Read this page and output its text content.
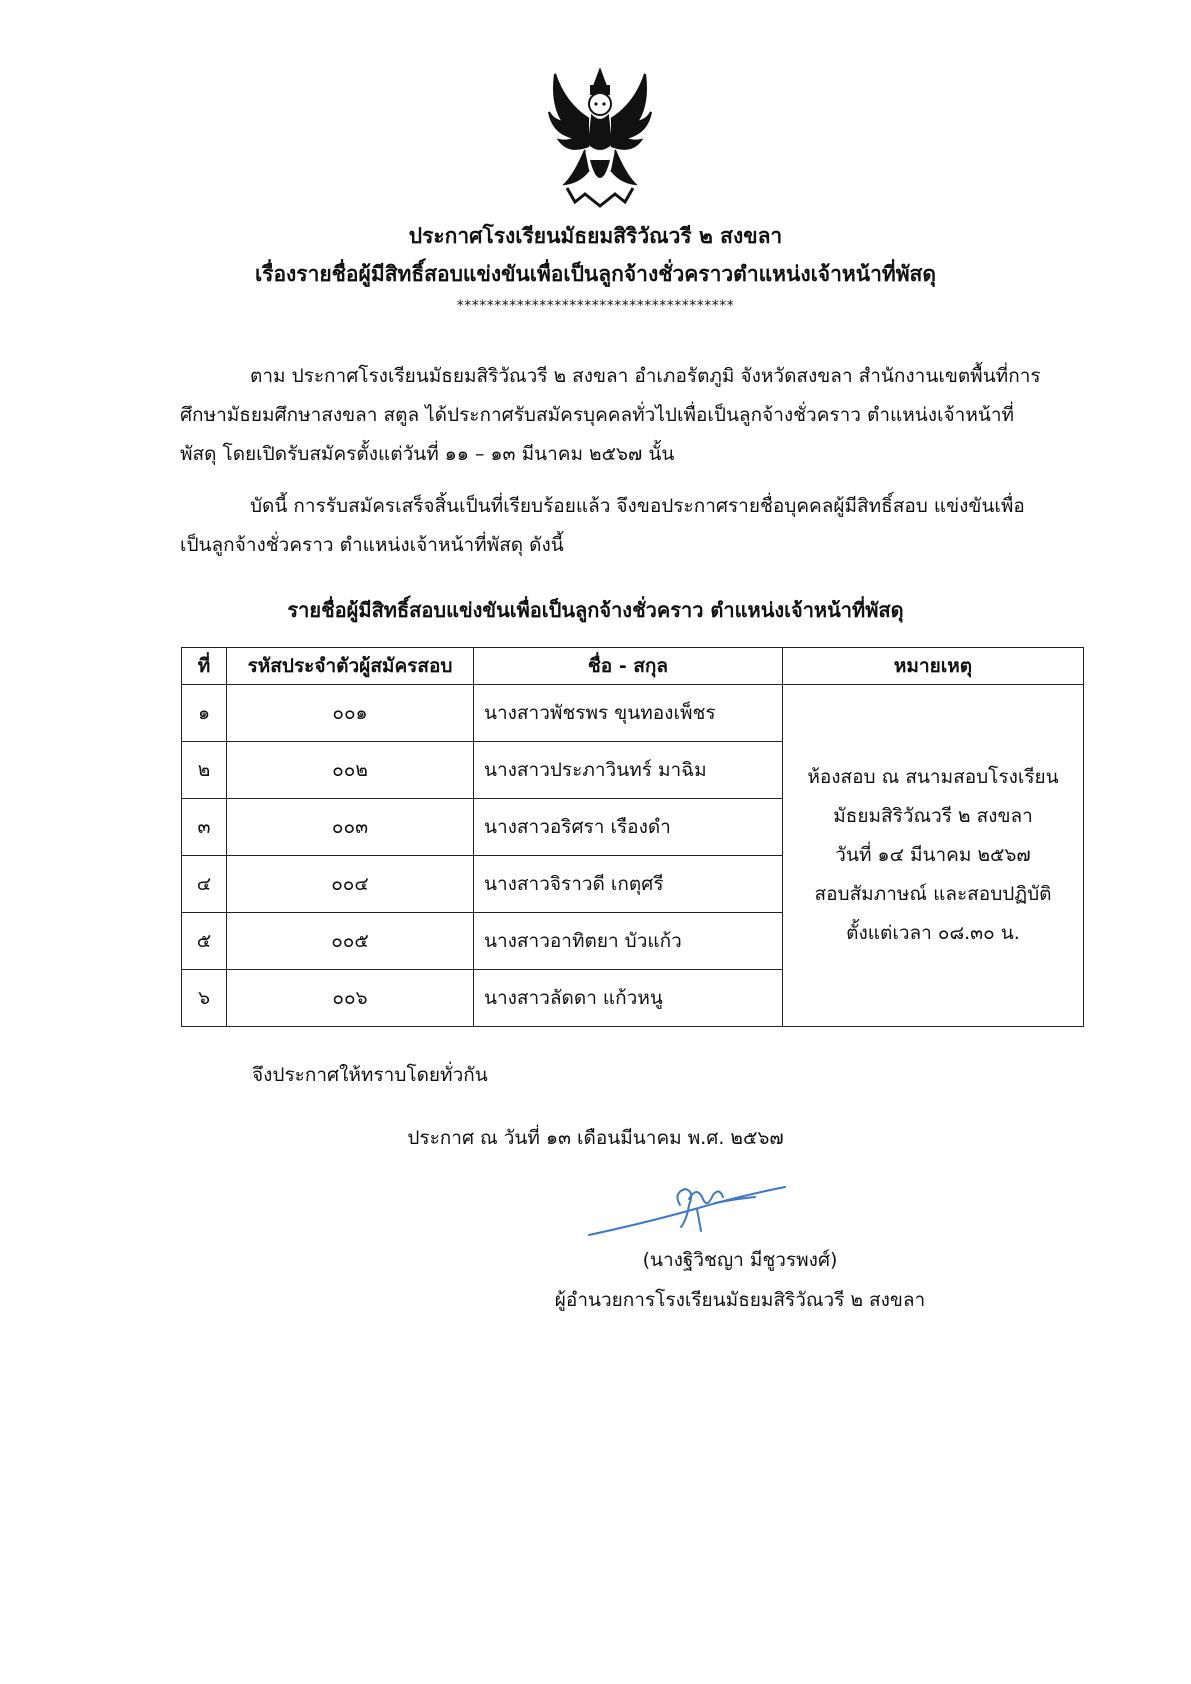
ประกาศโรงเรียนมัธยมสิริวัณวรี ๒ สงขลา
เรื่องรายชื่อผู้มีสิทธิ์สอบแข่งขันเพื่อเป็นลูกจ้างชั่วคราวตำแหน่งเจ้าหน้าที่พัสดุ
*************************************
ตาม ประกาศโรงเรียนมัธยมสิริวัณวรี ๒ สงขลา อำเภอรัตภูมิ จังหวัดสงขลา สำนักงานเขตพื้นที่การศึกษามัธยมศึกษาสงขลา สตูล ได้ประกาศรับสมัครบุคคลทั่วไปเพื่อเป็นลูกจ้างชั่วคราว ตำแหน่งเจ้าหน้าที่พัสดุ โดยเปิดรับสมัครตั้งแต่วันที่ ๑๑ – ๑๓ มีนาคม ๒๕๖๗ นั้น
บัดนี้ การรับสมัครเสร็จสิ้นเป็นที่เรียบร้อยแล้ว จึงขอประกาศรายชื่อบุคคลผู้มีสิทธิ์สอบ แข่งขันเพื่อเป็นลูกจ้างชั่วคราว ตำแหน่งเจ้าหน้าที่พัสดุ ดังนี้
รายชื่อผู้มีสิทธิ์สอบแข่งขันเพื่อเป็นลูกจ้างชั่วคราว ตำแหน่งเจ้าหน้าที่พัสดุ
ที่	รหัสประจำตัวผู้สมัครสอบ	ชื่อ - สกุล	หมายเหตุ
๑	๐๐๑	นางสาวพัชรพร ขุนทองเพ็ชร	ห้องสอบ ณ สนามสอบโรงเรียน
มัธยมสิริวัณวรี ๒ สงขลา
วันที่ ๑๔ มีนาคม ๒๕๖๗
สอบสัมภาษณ์ และสอบปฏิบัติ
ตั้งแต่เวลา ๐๘.๓๐ น.

๒	๐๐๒	นางสาวประภาวินทร์ มาฉิม	
๓	๐๐๓	นางสาวอริศรา เรืองดำ	
๔	๐๐๔	นางสาวจิราวดี เกตุศรี	
๕	๐๐๕	นางสาวอาทิตยา บัวแก้ว	
๖	๐๐๖	นางสาวลัดดา แก้วหนู	
จึงประกาศให้ทราบโดยทั่วกัน
ประกาศ ณ วันที่ ๑๓ เดือนมีนาคม พ.ศ. ๒๕๖๗
(นางฐิวิชญา มีชูวรพงศ์)
ผู้อำนวยการโรงเรียนมัธยมสิริวัณวรี ๒ สงขลา
